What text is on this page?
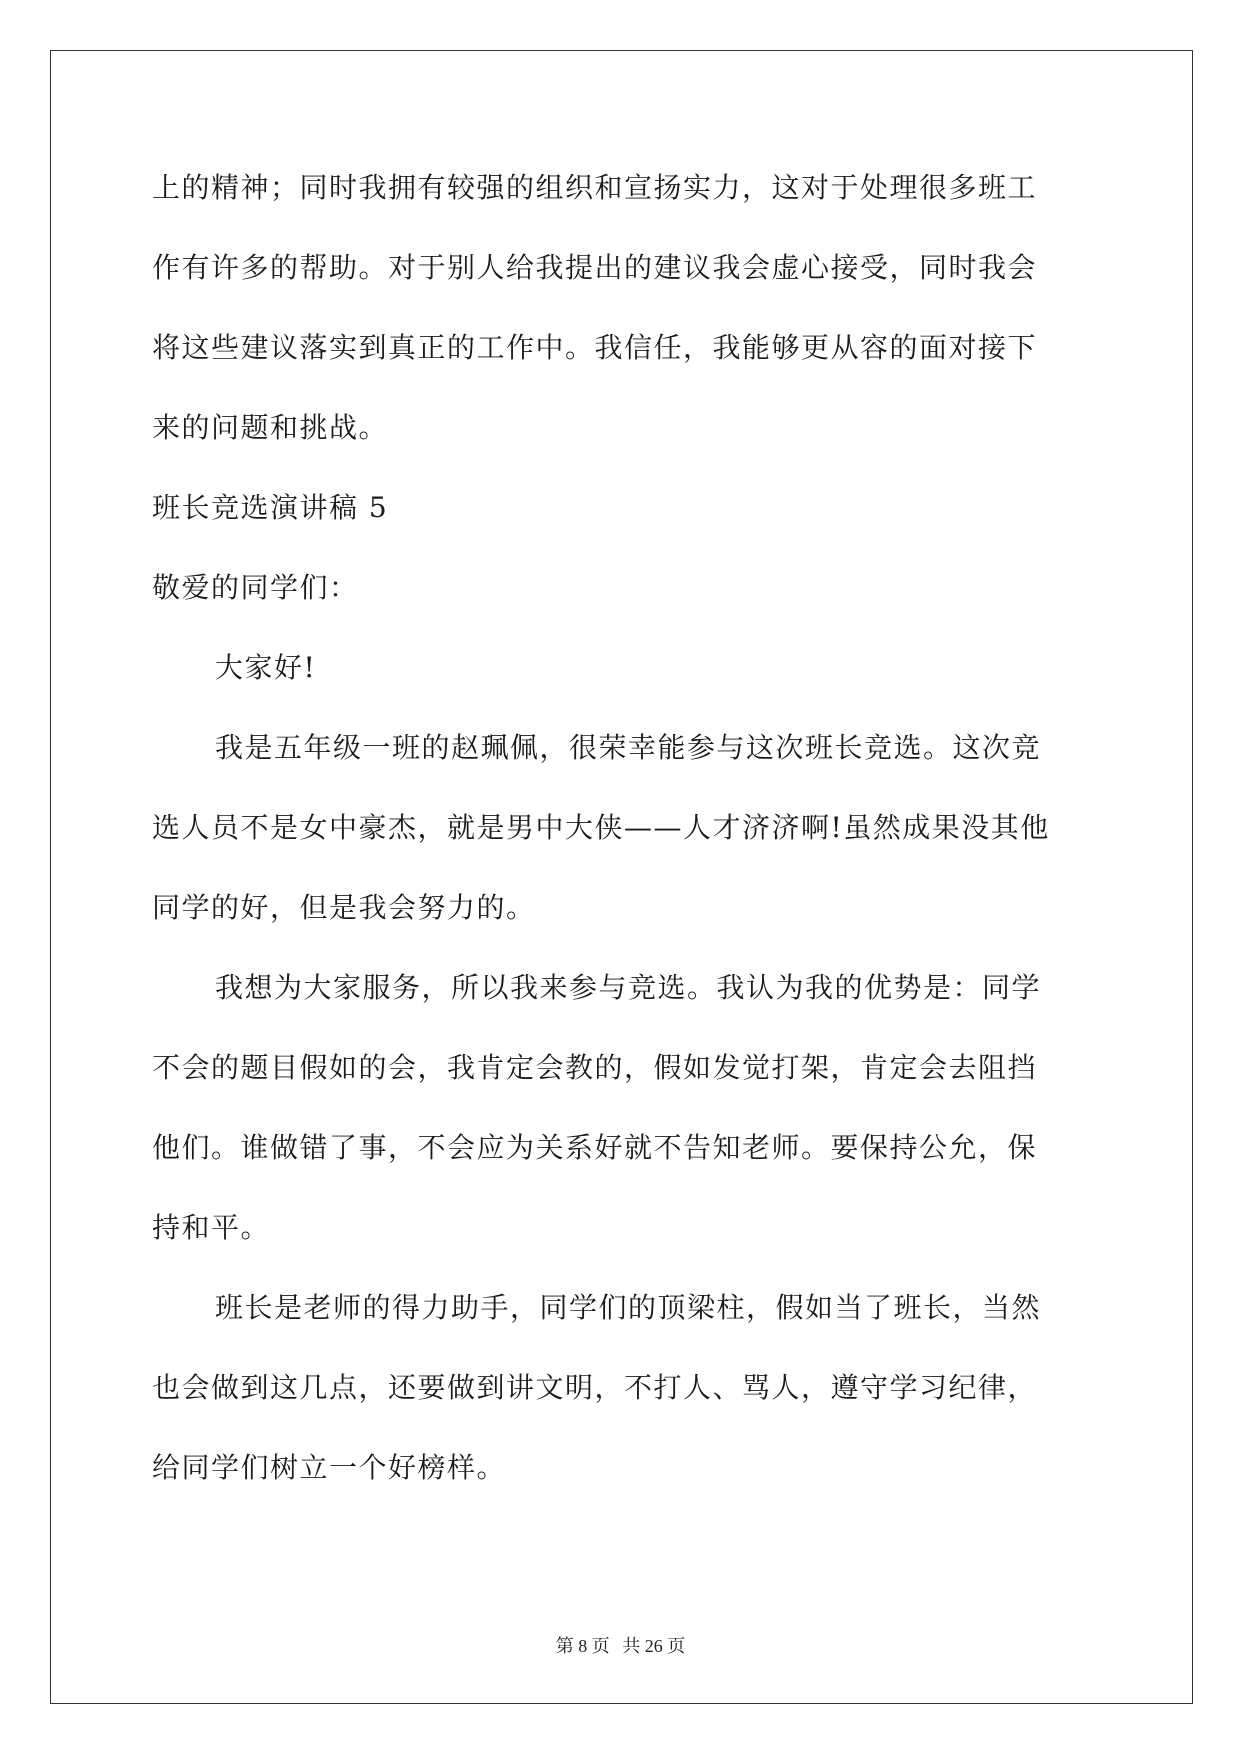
上的精神；同时我拥有较强的组织和宣扬实力，这对于处理很多班工

作有许多的帮助。对于别人给我提出的建议我会虚心接受，同时我会

将这些建议落实到真正的工作中。我信任，我能够更从容的面对接下

来的问题和挑战。

班长竞选演讲稿 5

敬爱的同学们：

大家好!

我是五年级一班的赵珮佩，很荣幸能参与这次班长竞选。这次竞

选人员不是女中豪杰，就是男中大侠——人才济济啊!虽然成果没其他

同学的好，但是我会努力的。

我想为大家服务，所以我来参与竞选。我认为我的优势是：同学

不会的题目假如的会，我肯定会教的，假如发觉打架，肯定会去阻挡

他们。谁做错了事，不会应为关系好就不告知老师。要保持公允，保

持和平。

班长是老师的得力助手，同学们的顶梁柱，假如当了班长，当然

也会做到这几点，还要做到讲文明，不打人、骂人，遵守学习纪律，

给同学们树立一个好榜样。

第 8 页 共 26 页
